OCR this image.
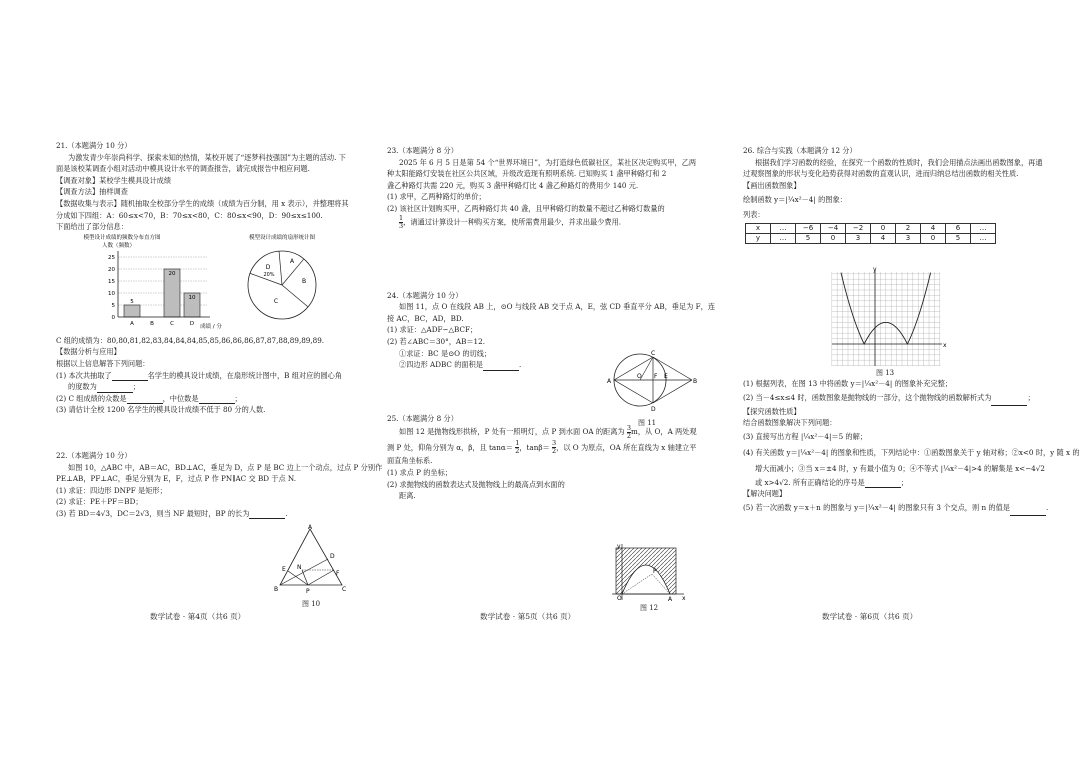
21.（本题满分 10 分）

为激发青少年崇尚科学、探索未知的热情，某校开展了“逐梦科技强国”为主题的活动. 下

面是该校某调查小组对活动中模具设计水平的调查报告，请完成报告中相应问题.

【调查对象】某校学生模具设计成绩

【调查方法】抽样调查

【数据收集与表示】随机抽取全校部分学生的成绩（成绩为百分制，用 x 表示），并整理将其

分成如下四组：A：60≤x<70，B：70≤x<80，C：80≤x<90，D：90≤x≤100.

下面给出了部分信息：

模型设计成绩的频数分布直方图
人数（频数）
0
5
10
15
20
25
A	B	C	D
5
20
10
成绩 / 分
模型设计成绩的扇形统计图
A
B
C
D
20%

C 组的成绩为：80,80,81,82,83,84,84,84,85,85,86,86,86,87,87,88,89,89,89.

【数据分析与应用】

根据以上信息解答下列问题：

(1) 本次共抽取了	名学生的模具设计成绩，在扇形统计图中，B 组对应的圆心角

的度数为	；

(2) C 组成绩的众数是	，中位数是	；

(3) 请估计全校 1200 名学生的模具设计成绩不低于 80 分的人数.

22.（本题满分 10 分）

如图 10，△ABC 中，AB＝AC，BD⊥AC，垂足为 D，点 P 是 BC 边上一个动点，过点 P 分别作

PE⊥AB，PF⊥AC，垂足分别为 E，F，过点 P 作 PN∥AC 交 BD 于点 N.

(1) 求证：四边形 DNPF 是矩形；

(2) 求证：PE＋PF＝BD；

(3) 若 BD＝4√3，DC＝2√3，则当 NF 最短时，BP 的长为	.

A
B	C
D
E
F
N
P
图 10

23.（本题满分 8 分）

2025 年 6 月 5 日是第 54 个“世界环境日”，为打造绿色低碳社区，某社区决定购买甲，乙两

种太阳能路灯安装在社区公共区域，升级改造现有照明系统. 已知购买 1 盏甲种路灯和 2

盏乙种路灯共需 220 元，购买 3 盏甲种路灯比 4 盏乙种路灯的费用少 140 元.

(1) 求甲，乙两种路灯的单价；

(2) 该社区计划购买甲，乙两种路灯共 40 盏，且甲种路灯的数量不超过乙种路灯数量的

$\frac{1}{3}$ ，请通过计算设计一种购买方案，使所需费用最少，并求出最少费用.

24.（本题满分 10 分）

如图 11，点 O 在线段 AB 上，⊙O 与线段 AB 交于点 A，E，弦 CD 垂直平分 AB，垂足为 F，连

接 AC，BC，AD，BD.

(1) 求证：△ADF∽△BCF；

(2) 若∠ABC＝30°，AB＝12.

①求证：BC 是⊙O 的切线；

②四边形 ADBC 的面积是	.

25.（本题满分 8 分）

如图 12 是抛物线形拱桥，P 处有一照明灯，点 P 到水面 OA 的距离为 $\frac{3}{2}$ m，从 O，A 两处观

测 P 处，仰角分别为 α，β，且 $\tan\alpha= \frac{1}{2}$ ，$\tan\beta= \frac{3}{2}$ ，以 O 为原点，OA 所在直线为 x 轴建立平

面直角坐标系.

(1) 求点 P 的坐标；

(2) 求抛物线的函数表达式及抛物线上的最高点到水面的

距离.

A	B
C
D
O F E
图 11
O	A x
y
P
图 12

26. 综合与实践（本题满分 12 分）

根据我们学习函数的经验，在探究一个函数的性质时，我们会用描点法画出函数图象，再通

过观察图象的形状与变化趋势获得对函数的直观认识，进而归纳总结出函数的相关性质.

【画出函数图象】

绘制函数 y＝|¼x²－4| 的图象：

列表：

x	…	−6	−4	−2	0	2	4	6	…
y	…	5	0	3	4	3	0	5	…

(1) 根据列表，在图 13 中将函数 y＝|¼x²－4| 的图象补充完整；

(2) 当－4≤x≤4 时，函数图象是抛物线的一部分，这个抛物线的函数解析式为	；

【探究函数性质】

结合函数图象解决下列问题：

(3) 直接写出方程 |¼x²－4|＝5 的解；

(4) 有关函数 y＝|¼x²－4| 的图象和性质，下列结论中：①函数图象关于 y 轴对称；②x<0 时，y 随 x 的

增大而减小；③当 x＝±4 时，y 有最小值为 0；④不等式 |¼x²－4|>4 的解集是 x<−4√2

或 x>4√2. 所有正确结论的序号是	；

【解决问题】

(5) 若一次函数 y＝x＋n 的图象与 y＝|¼x²－4| 的图象只有 3 个交点，则 n 的值是	.

x
y
图 13
数学试卷 · 第4页（共6 页）	数学试卷 · 第5页（共6 页）	数学试卷 · 第6页（共6 页）
